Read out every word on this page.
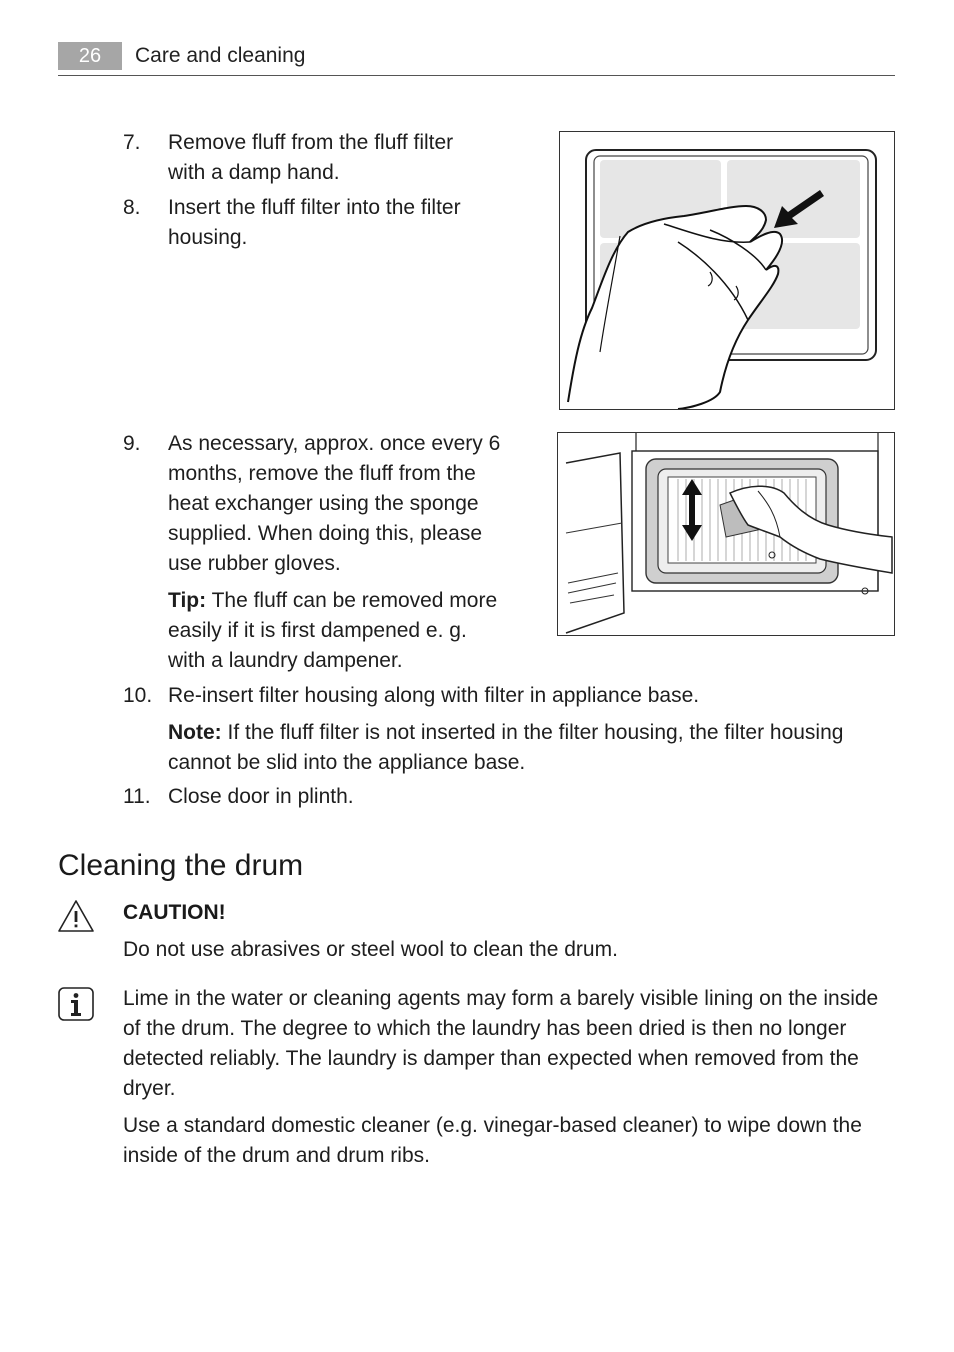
26	Care and cleaning
7. Remove fluff from the fluff filter
with a damp hand.
8. Insert the fluff filter into the filter
housing.
9. As necessary, approx. once every 6
months, remove the fluff from the
heat exchanger using the sponge
supplied. When doing this, please
use rubber gloves.
Tip: The fluff can be removed more
easily if it is first dampened e. g.
with a laundry dampener.
10. Re-insert filter housing along with filter in appliance base.
Note: If the fluff filter is not inserted in the filter housing, the filter housing
cannot be slid into the appliance base.
11. Close door in plinth.
Cleaning the drum
CAUTION!
Do not use abrasives or steel wool to clean the drum.
Lime in the water or cleaning agents may form a barely visible lining on the inside
of the drum. The degree to which the laundry has been dried is then no longer
detected reliably. The laundry is damper than expected when removed from the
dryer.
Use a standard domestic cleaner (e.g. vinegar-based cleaner) to wipe down the
inside of the drum and drum ribs.
